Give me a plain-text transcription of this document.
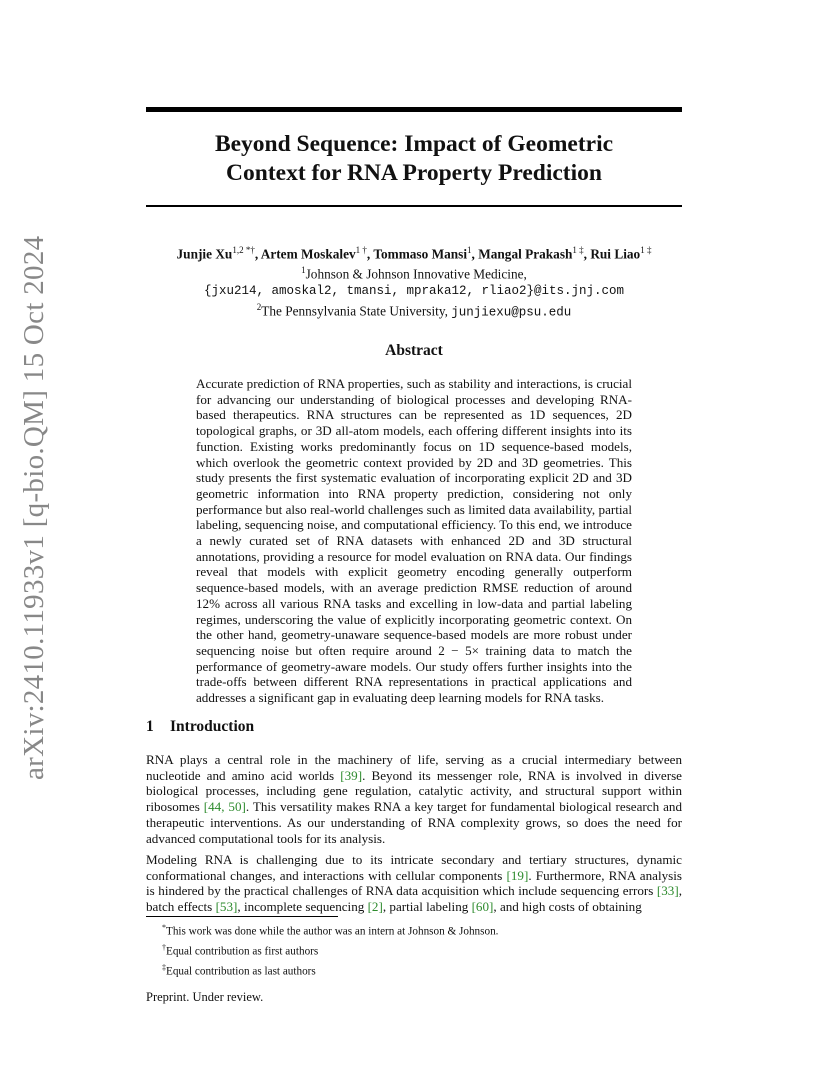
arXiv:2410.11933v1 [q-bio.QM] 15 Oct 2024
Beyond Sequence: Impact of Geometric
Context for RNA Property Prediction
Junjie $Xu^{1,2 *\dagger}$, Artem Moskalev$^{1 \dagger}$, Tommaso Mansi$^1$, Mangal Prakash$^{1 \ddagger}$, Rui Liao$^{1 \ddagger}$
$^1$Johnson & Johnson Innovative Medicine,
{jxu214, amoskal2, tmansi, mpraka12, rliao2}@its.jnj.com
$^2$The Pennsylvania State University, junjiexu@psu.edu
Abstract
Accurate prediction of RNA properties, such as stability and interactions, is crucial for advancing our understanding of biological processes and developing RNA-based therapeutics. RNA structures can be represented as 1D sequences, 2D topological graphs, or 3D all-atom models, each offering different insights into its function. Existing works predominantly focus on 1D sequence-based models, which overlook the geometric context provided by 2D and 3D geometries. This study presents the first systematic evaluation of incorporating explicit 2D and 3D geometric information into RNA property prediction, considering not only performance but also real-world challenges such as limited data availability, partial labeling, sequencing noise, and computational efficiency. To this end, we introduce a newly curated set of RNA datasets with enhanced 2D and 3D structural annotations, providing a resource for model evaluation on RNA data. Our findings reveal that models with explicit geometry encoding generally outperform sequence-based models, with an average prediction RMSE reduction of around 12% across all various RNA tasks and excelling in low-data and partial labeling regimes, underscoring the value of explicitly incorporating geometric context. On the other hand, geometry-unaware sequence-based models are more robust under sequencing noise but often require around 2 − 5× training data to match the performance of geometry-aware models. Our study offers further insights into the trade-offs between different RNA representations in practical applications and addresses a significant gap in evaluating deep learning models for RNA tasks.
1 Introduction
RNA plays a central role in the machinery of life, serving as a crucial intermediary between nucleotide and amino acid worlds [39]. Beyond its messenger role, RNA is involved in diverse biological processes, including gene regulation, catalytic activity, and structural support within ribosomes [44, 50]. This versatility makes RNA a key target for fundamental biological research and therapeutic interventions. As our understanding of RNA complexity grows, so does the need for advanced computational tools for its analysis.
Modeling RNA is challenging due to its intricate secondary and tertiary structures, dynamic conformational changes, and interactions with cellular components [19]. Furthermore, RNA analysis is hindered by the practical challenges of RNA data acquisition which include sequencing errors [33], batch effects [53], incomplete sequencing [2], partial labeling [60], and high costs of obtaining
*This work was done while the author was an intern at Johnson & Johnson.
†Equal contribution as first authors
‡Equal contribution as last authors
Preprint. Under review.
